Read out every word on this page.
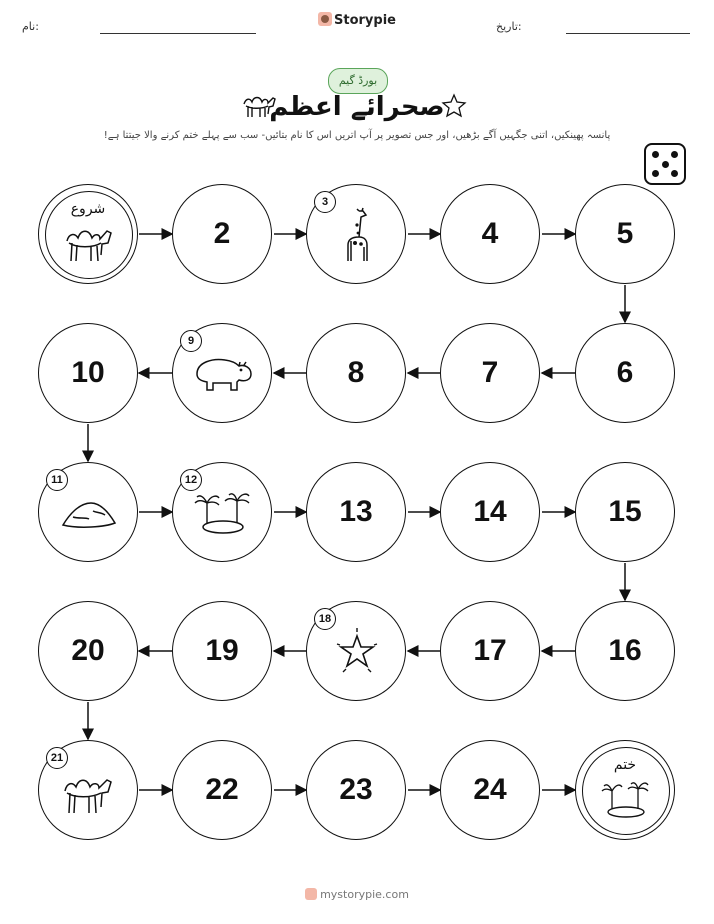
نام:	Storypie	تاریخ:
بورڈ گیم
صحرائے اعظم
پانسہ پھینکیں، اتنی جگہیں آگے بڑھیں، اور جس تصویر پر آپ اتریں اس کا نام بتائیں- سب سے پہلے ختم کرنے والا جیتتا ہے!
شروع
2
3
4	5
6
7
8
9
10
11	12
13	14	15
16
17
18
19
20
21
22	23	24
ختم
mystorypie.com
